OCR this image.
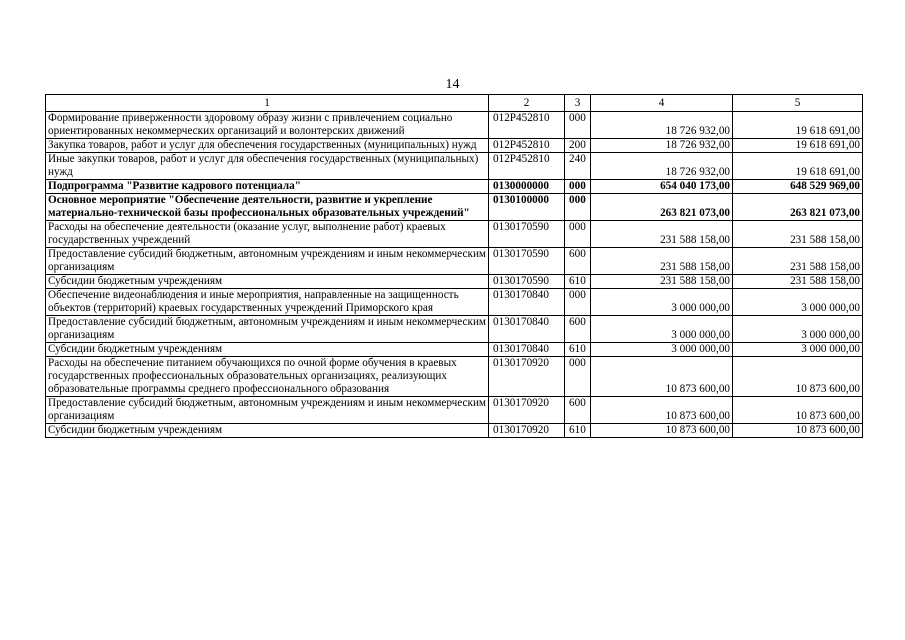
14
1	2	3	4	5
Формирование приверженности здоровому образу жизни с привлечением социально ориентированных некоммерческих организаций и волонтерских движений	012P452810	000	18 726 932,00	19 618 691,00
Закупка товаров, работ и услуг для обеспечения государственных (муниципальных) нужд	012P452810	200	18 726 932,00	19 618 691,00
Иные закупки товаров, работ и услуг для обеспечения государственных (муниципальных) нужд	012P452810	240	18 726 932,00	19 618 691,00
Подпрограмма "Развитие кадрового потенциала"	0130000000	000	654 040 173,00	648 529 969,00
Основное мероприятие "Обеспечение деятельности, развитие и укрепление материально-технической базы профессиональных образовательных учреждений"	0130100000	000	263 821 073,00	263 821 073,00
Расходы на обеспечение деятельности (оказание услуг, выполнение работ) краевых государственных учреждений	0130170590	000	231 588 158,00	231 588 158,00
Предоставление субсидий бюджетным, автономным учреждениям и иным некоммерческим организациям	0130170590	600	231 588 158,00	231 588 158,00
Субсидии бюджетным учреждениям	0130170590	610	231 588 158,00	231 588 158,00
Обеспечение видеонаблюдения и иные мероприятия, направленные на защищенность объектов (территорий) краевых государственных учреждений Приморского края	0130170840	000	3 000 000,00	3 000 000,00
Предоставление субсидий бюджетным, автономным учреждениям и иным некоммерческим организациям	0130170840	600	3 000 000,00	3 000 000,00
Субсидии бюджетным учреждениям	0130170840	610	3 000 000,00	3 000 000,00
Расходы на обеспечение питанием обучающихся по очной форме обучения в краевых государственных профессиональных образовательных организациях, реализующих образовательные программы среднего профессионального образования	0130170920	000	10 873 600,00	10 873 600,00
Предоставление субсидий бюджетным, автономным учреждениям и иным некоммерческим организациям	0130170920	600	10 873 600,00	10 873 600,00
Субсидии бюджетным учреждениям	0130170920	610	10 873 600,00	10 873 600,00
